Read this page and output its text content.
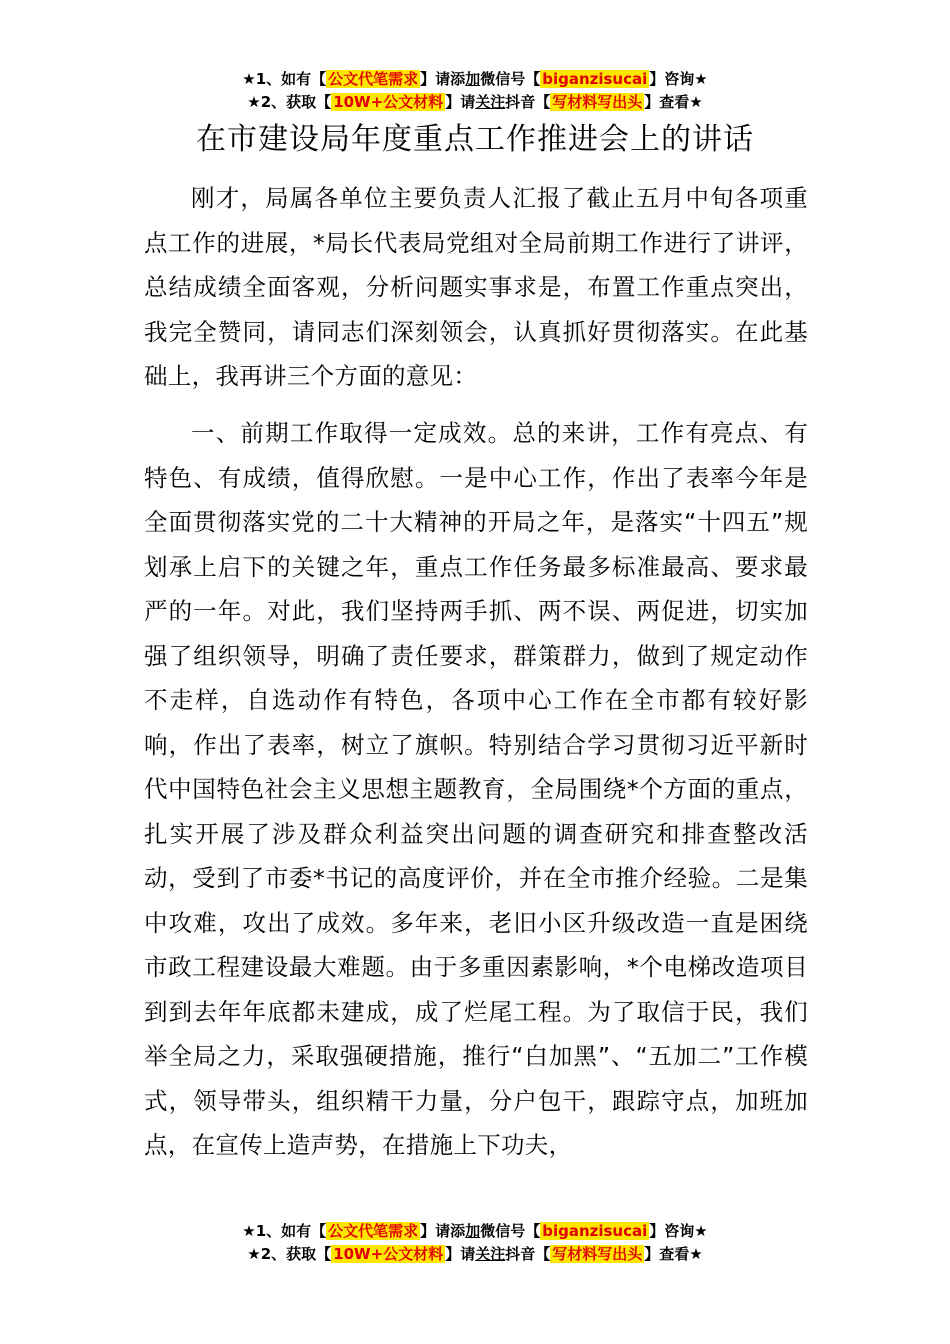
★1、如有【 公文代笔需求 】请添加微信号【 biganzisucai 】咨询★
★2、获取【 10W+公文材料 】请关注抖音【 写材料写出头 】查看★
在市建设局年度重点工作推进会上的讲话

刚才，局属各单位主要负责人汇报了截止五月中旬各项重点工作的进展，*局长代表局党组对全局前期工作进行了讲评，总结成绩全面客观，分析问题实事求是，布置工作重点突出，我完全赞同，请同志们深刻领会，认真抓好贯彻落实。在此基础上，我再讲三个方面的意见：

一、前期工作取得一定成效。总的来讲，工作有亮点、有特色、有成绩，值得欣慰。一是中心工作，作出了表率今年是全面贯彻落实党的二十大精神的开局之年，是落实“十四五”规划承上启下的关键之年，重点工作任务最多标准最高、要求最严的一年。对此，我们坚持两手抓、两不误、两促进，切实加强了组织领导，明确了责任要求，群策群力，做到了规定动作不走样，自选动作有特色，各项中心工作在全市都有较好影响，作出了表率，树立了旗帜。特别结合学习贯彻习近平新时代中国特色社会主义思想主题教育，全局围绕*个方面的重点，扎实开展了涉及群众利益突出问题的调查研究和排查整改活动，受到了市委*书记的高度评价，并在全市推介经验。二是集中攻难，攻出了成效。多年来，老旧小区升级改造一直是困绕市政工程建设最大难题。由于多重因素影响，*个电梯改造项目到到去年年底都未建成，成了烂尾工程。为了取信于民，我们举全局之力，采取强硬措施，推行“白加黑”、“五加二”工作模式，领导带头，组织精干力量，分户包干，跟踪守点，加班加点，在宣传上造声势，在措施上下功夫，

★1、如有【 公文代笔需求 】请添加微信号【 biganzisucai 】咨询★
★2、获取【 10W+公文材料 】请关注抖音【 写材料写出头 】查看★
